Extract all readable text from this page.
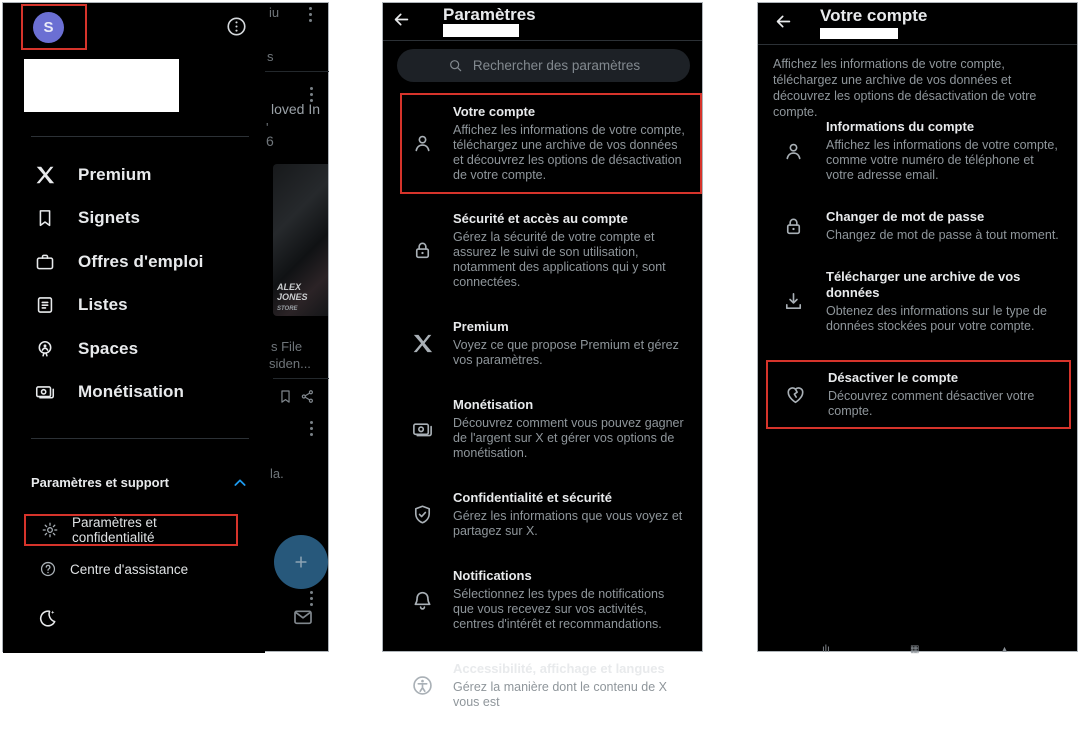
iu
s
loved In
'
6
ALEX
JONES
STORE
s File
siden...
la.
S
Premium
Signets
Offres d'emploi
Listes
Spaces
Monétisation
Paramètres et support
Paramètres et confidentialité
Centre d'assistance
Paramètres
Rechercher des paramètres
Votre compte
Affichez les informations de votre compte, téléchargez une archive de vos données et découvrez les options de désactivation de votre compte.
Sécurité et accès au compte
Gérez la sécurité de votre compte et assurez le suivi de son utilisation, notamment des applications qui y sont connectées.
Premium
Voyez ce que propose Premium et gérez vos paramètres.
Monétisation
Découvrez comment vous pouvez gagner de l'argent sur X et gérer vos options de monétisation.
Confidentialité et sécurité
Gérez les informations que vous voyez et partagez sur X.
Notifications
Sélectionnez les types de notifications que vous recevez sur vos activités, centres d'intérêt et recommandations.
Accessibilité, affichage et langues
Gérez la manière dont le contenu de X vous est
Votre compte
Affichez les informations de votre compte, téléchargez une archive de vos données et découvrez les options de désactivation de votre compte.
Informations du compte
Affichez les informations de votre compte, comme votre numéro de téléphone et votre adresse email.
Changer de mot de passe
Changez de mot de passe à tout moment.
Télécharger une archive de vos données
Obtenez des informations sur le type de données stockées pour votre compte.
Désactiver le compte
Découvrez comment désactiver votre compte.
ılı	▦	▴
